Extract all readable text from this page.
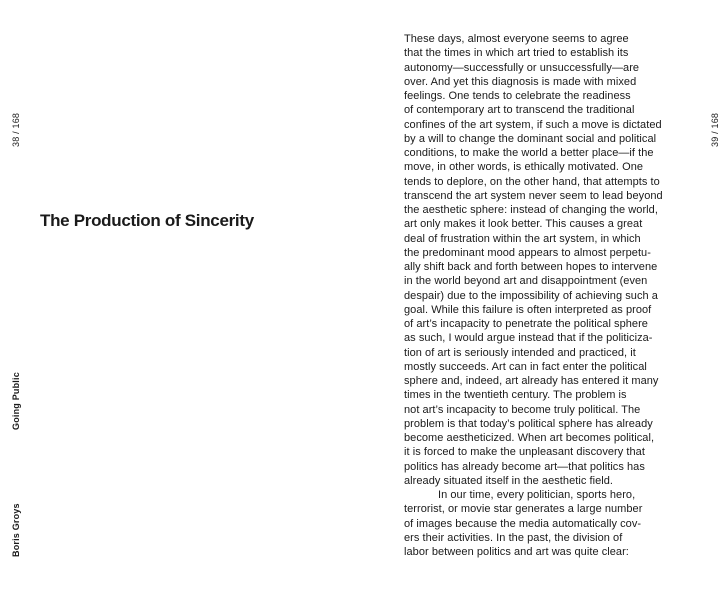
38 / 168
Going Public
Boris Groys
The Production of Sincerity
39 / 168
These days, almost everyone seems to agree
that the times in which art tried to establish its
autonomy—successfully or unsuccessfully—are
over. And yet this diagnosis is made with mixed
feelings. One tends to celebrate the readiness
of contemporary art to transcend the traditional
confines of the art system, if such a move is dictated
by a will to change the dominant social and political
conditions, to make the world a better place—if the
move, in other words, is ethically motivated. One
tends to deplore, on the other hand, that attempts to
transcend the art system never seem to lead beyond
the aesthetic sphere: instead of changing the world,
art only makes it look better. This causes a great
deal of frustration within the art system, in which
the predominant mood appears to almost perpetu-
ally shift back and forth between hopes to intervene
in the world beyond art and disappointment (even
despair) due to the impossibility of achieving such a
goal. While this failure is often interpreted as proof
of art’s incapacity to penetrate the political sphere
as such, I would argue instead that if the politiciza-
tion of art is seriously intended and practiced, it
mostly succeeds. Art can in fact enter the political
sphere and, indeed, art already has entered it many
times in the twentieth century. The problem is
not art’s incapacity to become truly political. The
problem is that today’s political sphere has already
become aestheticized. When art becomes political,
it is forced to make the unpleasant discovery that
politics has already become art—that politics has
already situated itself in the aesthetic field.
In our time, every politician, sports hero,
terrorist, or movie star generates a large number
of images because the media automatically cov-
ers their activities. In the past, the division of
labor between politics and art was quite clear:
